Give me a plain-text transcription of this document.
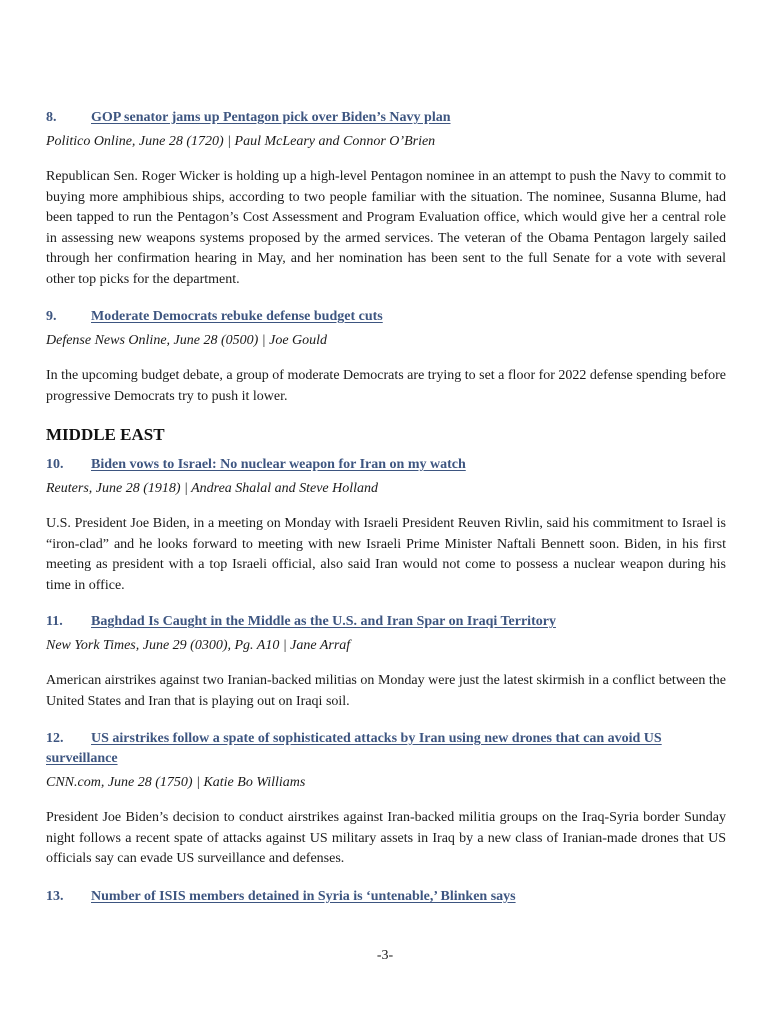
8. GOP senator jams up Pentagon pick over Biden’s Navy plan

Politico Online, June 28 (1720) | Paul McLeary and Connor O’Brien

Republican Sen. Roger Wicker is holding up a high-level Pentagon nominee in an attempt to push the Navy to commit to buying more amphibious ships, according to two people familiar with the situation. The nominee, Susanna Blume, had been tapped to run the Pentagon’s Cost Assessment and Program Evaluation office, which would give her a central role in assessing new weapons systems proposed by the armed services. The veteran of the Obama Pentagon largely sailed through her confirmation hearing in May, and her nomination has been sent to the full Senate for a vote with several other top picks for the department.

9. Moderate Democrats rebuke defense budget cuts

Defense News Online, June 28 (0500) | Joe Gould

In the upcoming budget debate, a group of moderate Democrats are trying to set a floor for 2022 defense spending before progressive Democrats try to push it lower.

MIDDLE EAST

10. Biden vows to Israel: No nuclear weapon for Iran on my watch

Reuters, June 28 (1918) | Andrea Shalal and Steve Holland

U.S. President Joe Biden, in a meeting on Monday with Israeli President Reuven Rivlin, said his commitment to Israel is “iron-clad” and he looks forward to meeting with new Israeli Prime Minister Naftali Bennett soon. Biden, in his first meeting as president with a top Israeli official, also said Iran would not come to possess a nuclear weapon during his time in office.

11. Baghdad Is Caught in the Middle as the U.S. and Iran Spar on Iraqi Territory

New York Times, June 29 (0300), Pg. A10 | Jane Arraf

American airstrikes against two Iranian-backed militias on Monday were just the latest skirmish in a conflict between the United States and Iran that is playing out on Iraqi soil.

12. US airstrikes follow a spate of sophisticated attacks by Iran using new drones that can avoid US surveillance

CNN.com, June 28 (1750) | Katie Bo Williams

President Joe Biden’s decision to conduct airstrikes against Iran-backed militia groups on the Iraq-Syria border Sunday night follows a recent spate of attacks against US military assets in Iraq by a new class of Iranian-made drones that US officials say can evade US surveillance and defenses.

13. Number of ISIS members detained in Syria is ‘untenable,’ Blinken says

-3-
